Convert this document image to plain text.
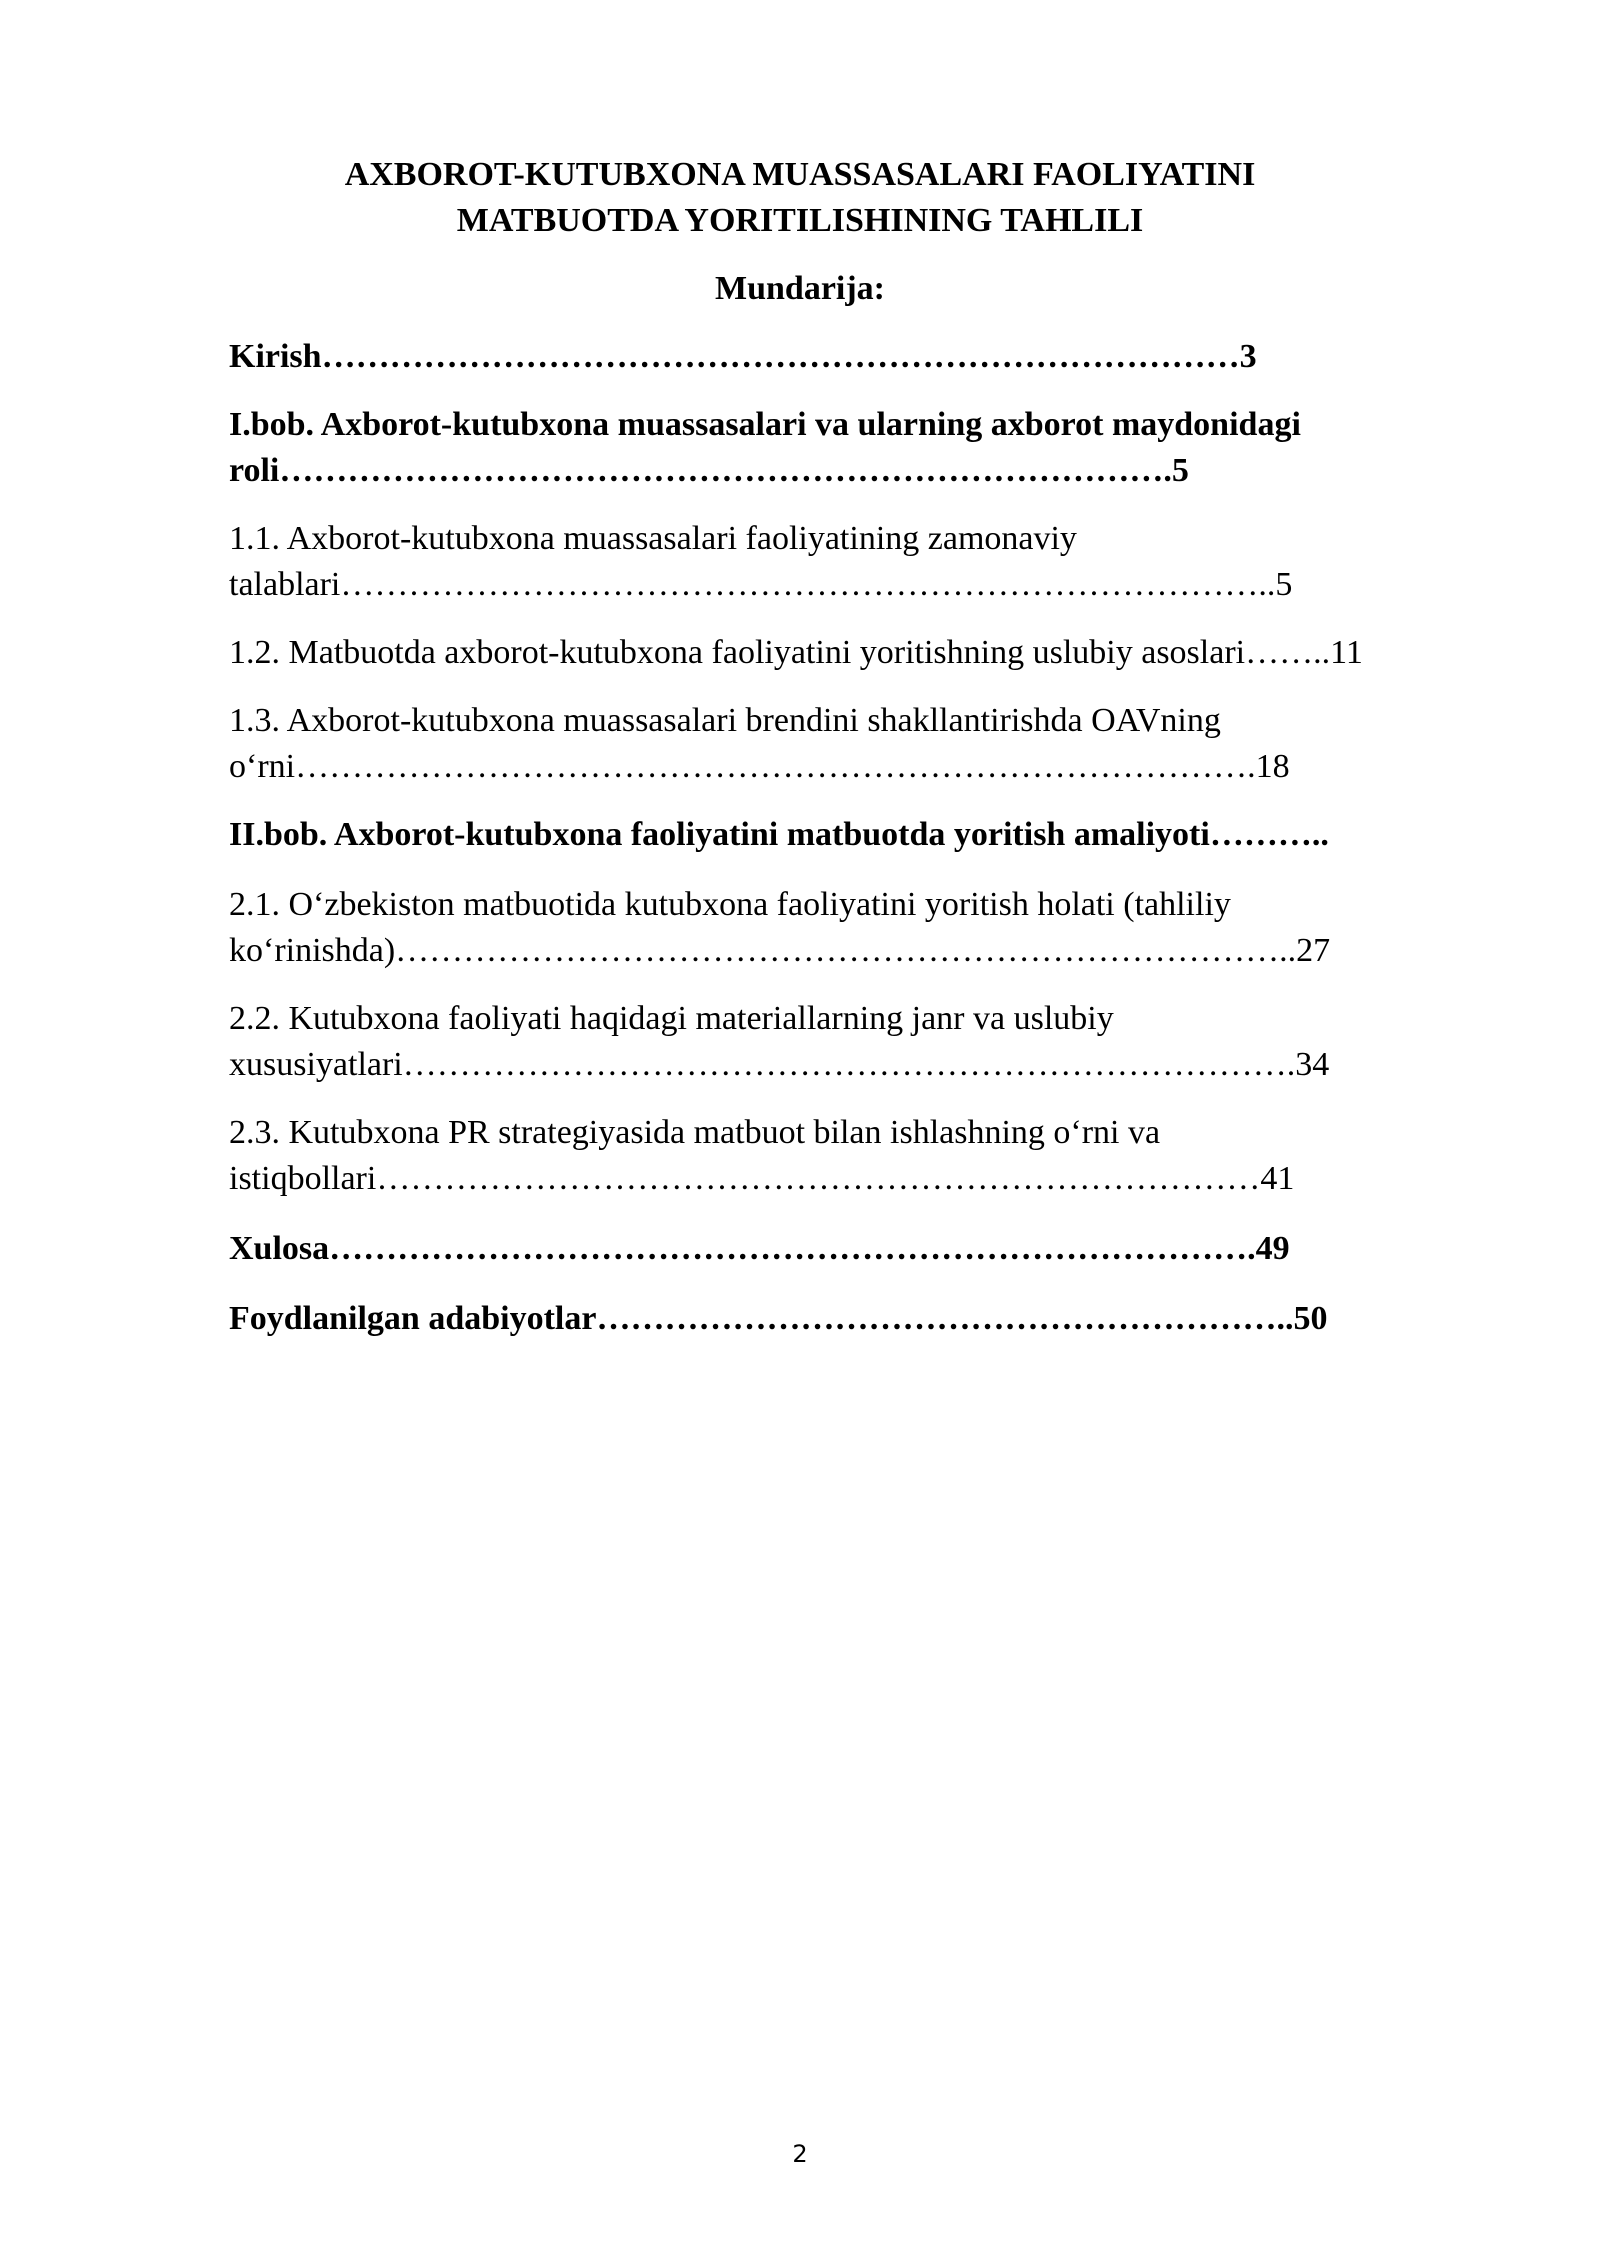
AXBOROT-KUTUBXONA MUASSASALARI FAOLIYATINI
MATBUOTDA YORITILISHINING TAHLILI
Mundarija:
Kirish………………………………………………………………………3
I.bob. Axborot-kutubxona muassasalari va ularning axborot maydonidagi
roli…………………………………………………………………….5
1.1. Axborot-kutubxona muassasalari faoliyatining zamonaviy
talablari………………………………………………………………………..5
1.2. Matbuotda axborot-kutubxona faoliyatini yoritishning uslubiy asoslari……..11
1.3. Axborot-kutubxona muassasalari brendini shakllantirishda OAVning
o‘rni………………………………………………………………………….18
II.bob. Axborot-kutubxona faoliyatini matbuotda yoritish amaliyoti………..
2.1. O‘zbekiston matbuotida kutubxona faoliyatini yoritish holati (tahliliy
ko‘rinishda)……………………………………………………………………..27
2.2. Kutubxona faoliyati haqidagi materiallarning janr va uslubiy
xususiyatlari…………………………………………………………………….34
2.3. Kutubxona PR strategiyasida matbuot bilan ishlashning o‘rni va
istiqbollari……………………………………………………………………41
Xulosa……………………………………………………………………….49
Foydlanilgan adabiyotlar……………………………………………………..50
2
